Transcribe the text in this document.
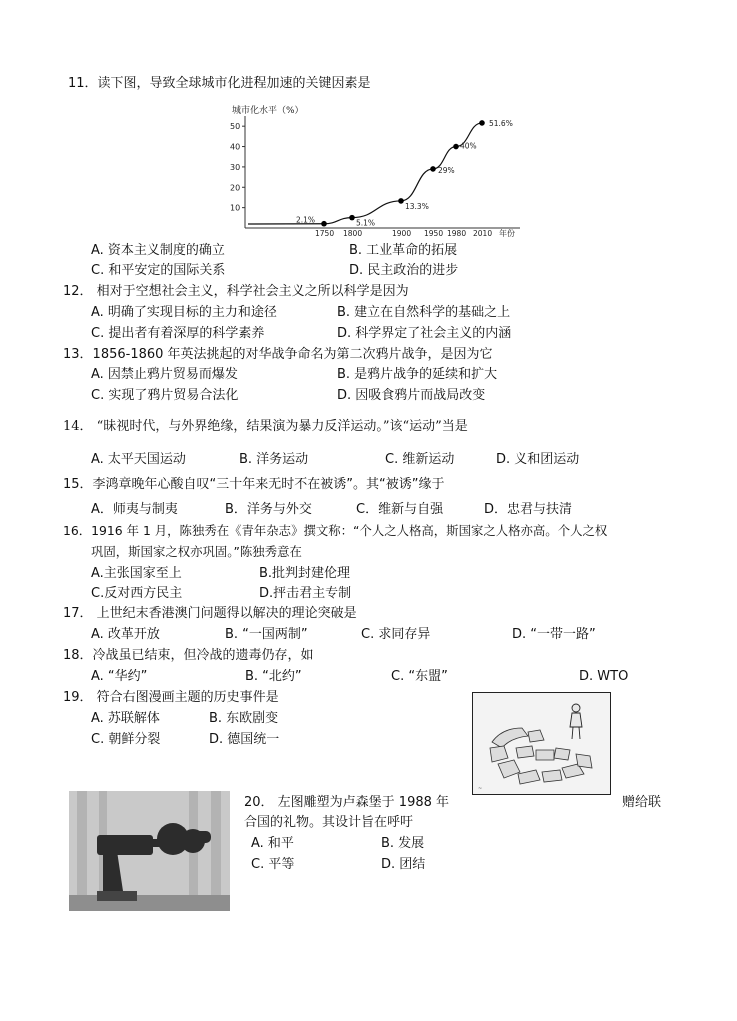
11．读下图，导致全球城市化进程加速的关键因素是
城市化水平（%）
10
20
30
40
50
1750 1800	1900 1950 1980 2010 年份
2.1%	5.1%
13.3%
29%
40%
51.6%
A. 资本主义制度的确立	B. 工业革命的拓展
C. 和平安定的国际关系	D. 民主政治的进步
12． 相对于空想社会主义，科学社会主义之所以科学是因为
A. 明确了实现目标的主力和途径	B. 建立在自然科学的基础之上
C. 提出者有着深厚的科学素养	D. 科学界定了社会主义的内涵
13．1856-1860 年英法挑起的对华战争命名为第二次鸦片战争，是因为它
A. 因禁止鸦片贸易而爆发	B. 是鸦片战争的延续和扩大
C. 实现了鸦片贸易合法化	D. 因吸食鸦片而战局改变
14． “昧视时代，与外界绝缘，结果演为暴力反洋运动。”该“运动”当是
A. 太平天国运动	B. 洋务运动	C. 维新运动	D. 义和团运动
15．李鸿章晚年心酸自叹“三十年来无时不在被诱”。其“被诱”缘于
A．师夷与制夷	B．洋务与外交	C．维新与自强	D．忠君与扶清
16．1916 年 1 月，陈独秀在《青年杂志》撰文称：“个人之人格高，斯国家之人格亦高。个人之权
巩固，斯国家之权亦巩固。”陈独秀意在
A.主张国家至上	B.批判封建伦理
C.反对西方民主	D.抨击君主专制
17． 上世纪末香港澳门问题得以解决的理论突破是
A. 改革开放	B. “一国两制”	C. 求同存异	D. “一带一路”
18．冷战虽已结束，但冷战的遗毒仍存，如
A. “华约”	B. “北约”	C. “东盟”	D. WTO
19． 符合右图漫画主题的历史事件是
A. 苏联解体	B. 东欧剧变
C. 朝鲜分裂	D. 德国统一
~
20． 左图雕塑为卢森堡于 1988 年	赠给联
合国的礼物。其设计旨在呼吁
A. 和平	B. 发展
C. 平等	D. 团结
